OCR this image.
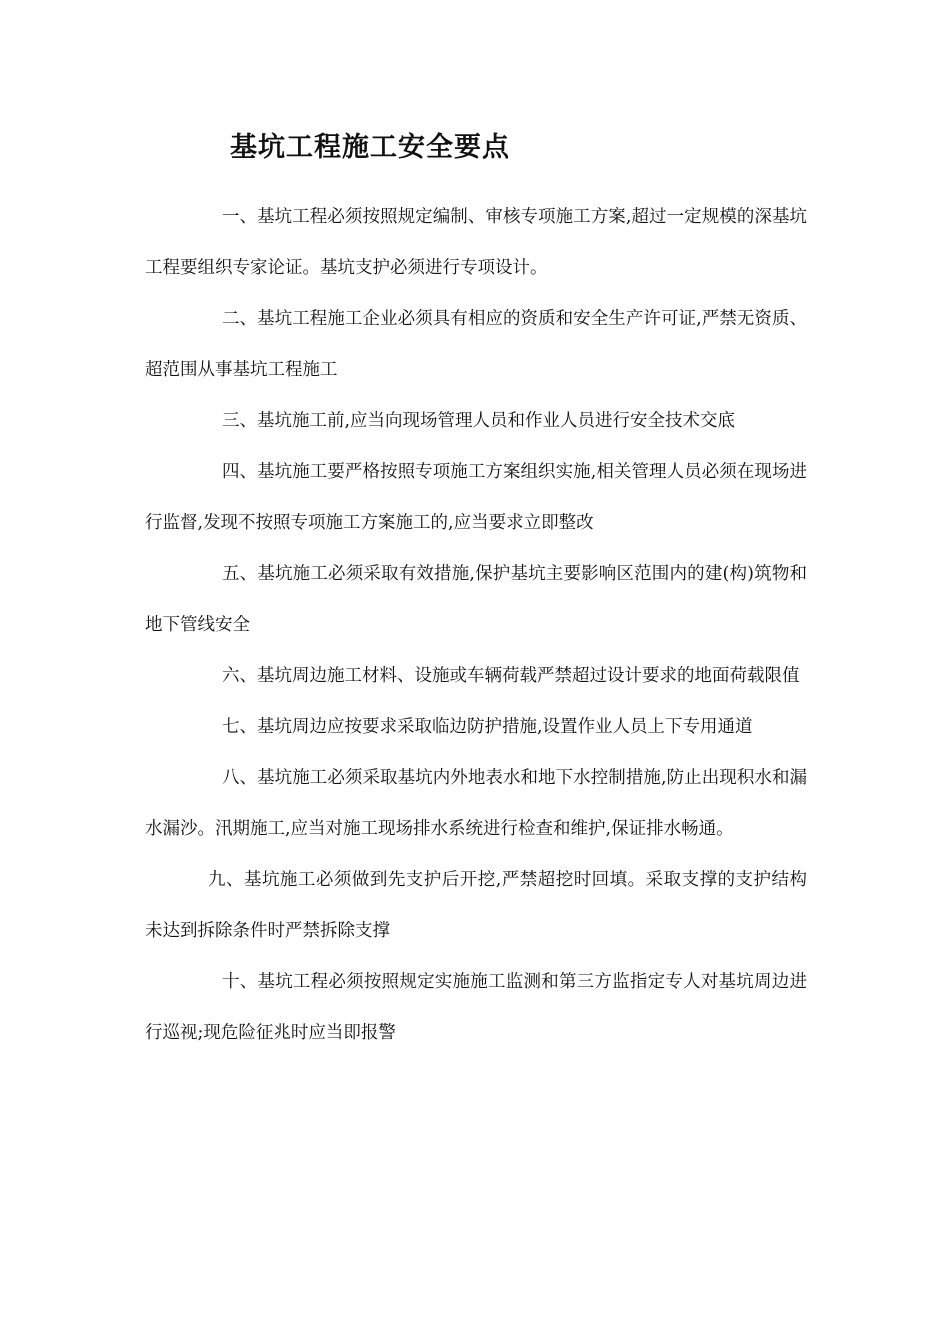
基坑工程施工安全要点

一、基坑工程必须按照规定编制、审核专项施工方案,超过一定规模的深基坑工程要组织专家论证。基坑支护必须进行专项设计。

二、基坑工程施工企业必须具有相应的资质和安全生产许可证,严禁无资质、超范围从事基坑工程施工

三、基坑施工前,应当向现场管理人员和作业人员进行安全技术交底

四、基坑施工要严格按照专项施工方案组织实施,相关管理人员必须在现场进行监督,发现不按照专项施工方案施工的,应当要求立即整改

五、基坑施工必须采取有效措施,保护基坑主要影响区范围内的建(构)筑物和地下管线安全

六、基坑周边施工材料、设施或车辆荷载严禁超过设计要求的地面荷载限值

七、基坑周边应按要求采取临边防护措施,设置作业人员上下专用通道

八、基坑施工必须采取基坑内外地表水和地下水控制措施,防止出现积水和漏水漏沙。汛期施工,应当对施工现场排水系统进行检查和维护,保证排水畅通。

九、基坑施工必须做到先支护后开挖,严禁超挖时回填。采取支撑的支护结构未达到拆除条件时严禁拆除支撑

十、基坑工程必须按照规定实施施工监测和第三方监指定专人对基坑周边进行巡视;现危险征兆时应当即报警
